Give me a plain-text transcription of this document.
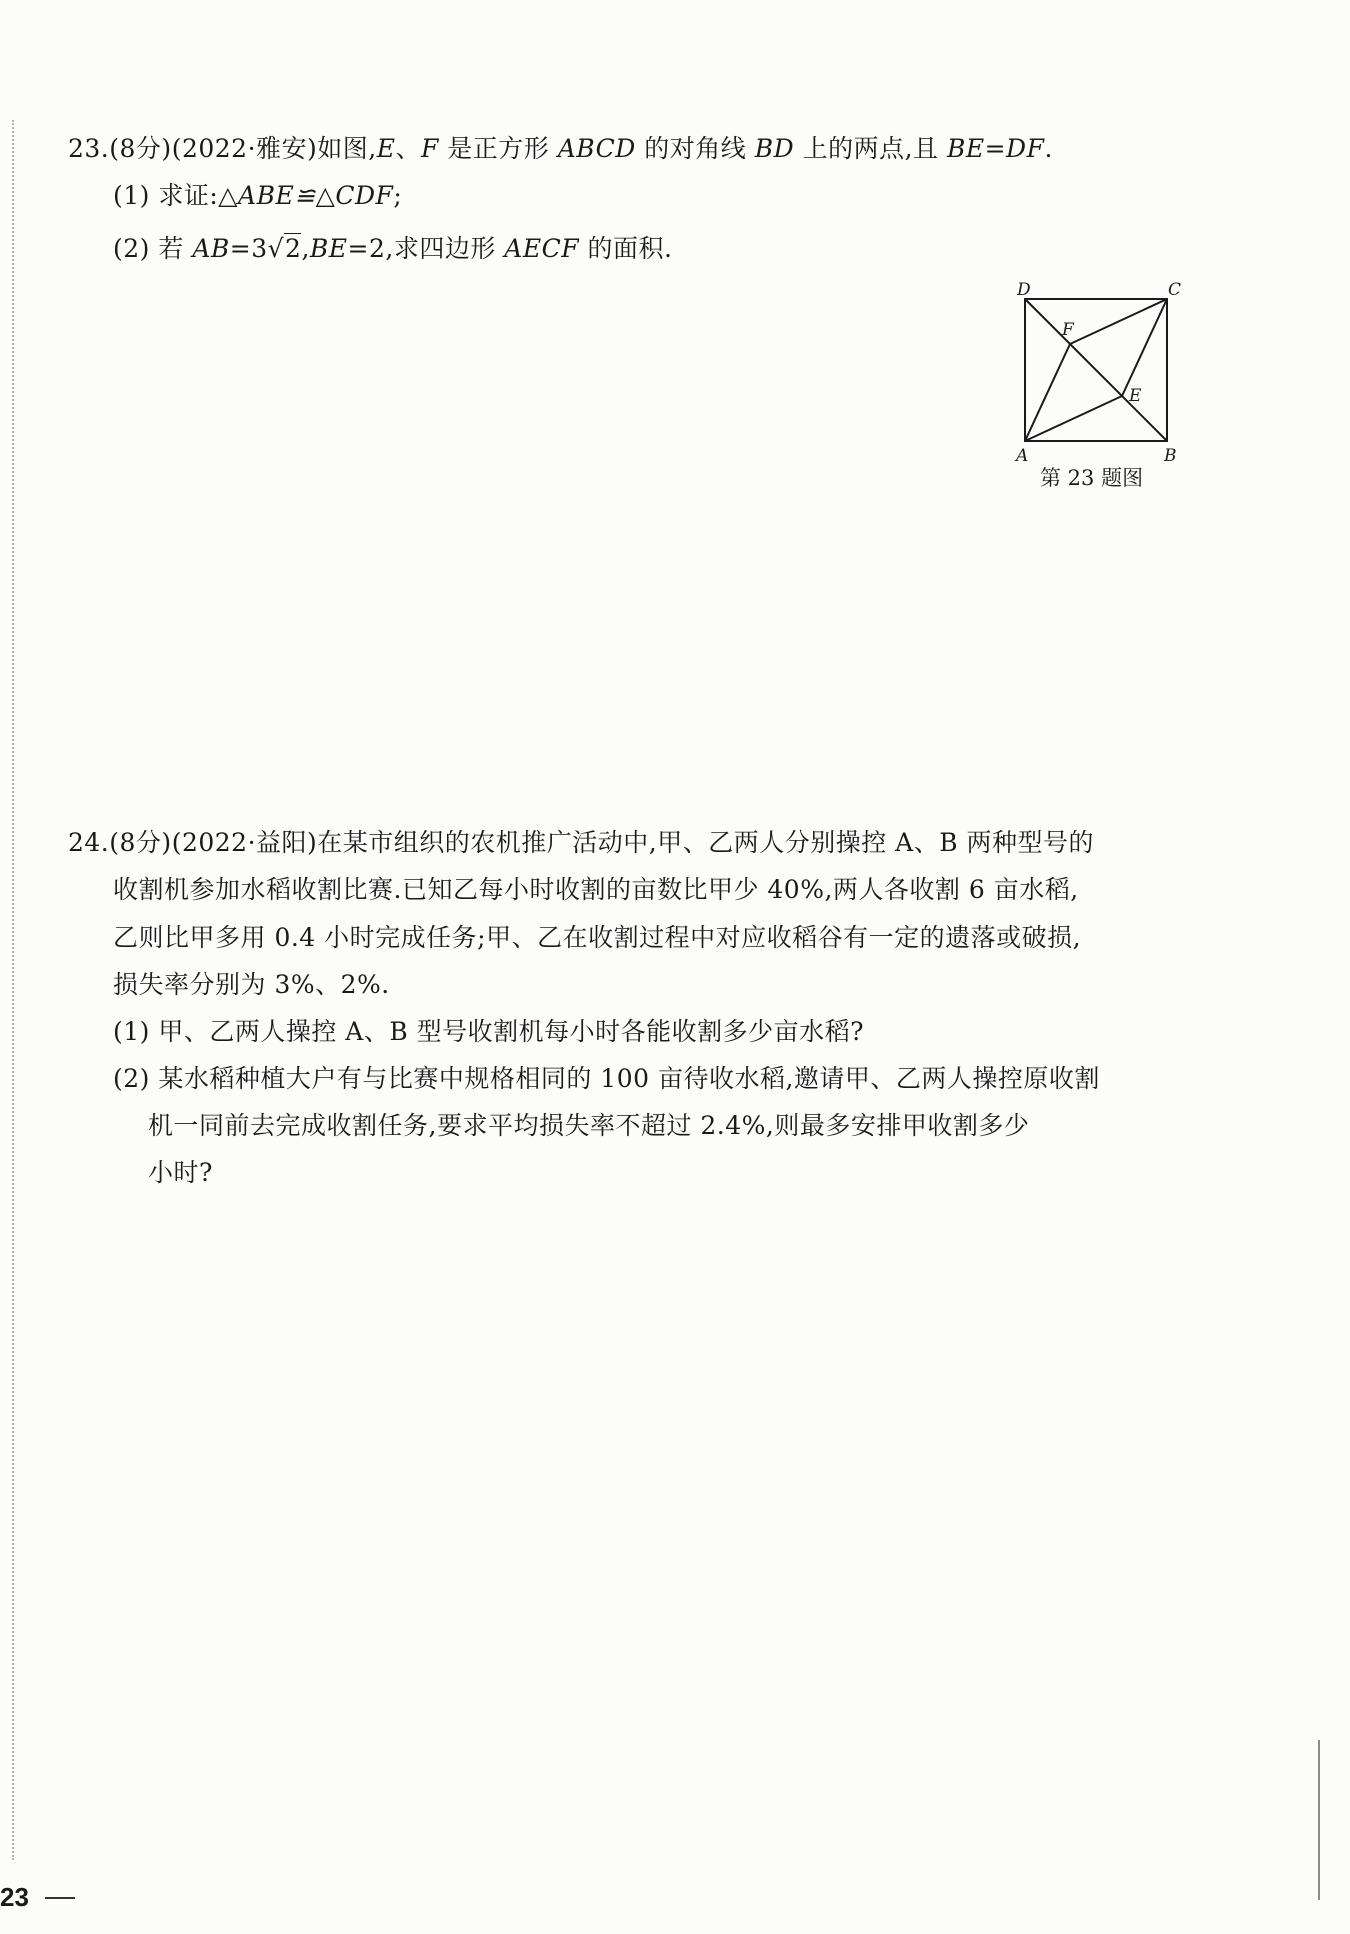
23.(8分)(2022·雅安)如图,E、F 是正方形 ABCD 的对角线 BD 上的两点,且 BE=DF.
(1) 求证:△ABE≌△CDF;
(2) 若 AB=3√2,BE=2,求四边形 AECF 的面积.
D	C
F
E
A	B
第 23 题图
24.(8分)(2022·益阳)在某市组织的农机推广活动中,甲、乙两人分别操控 A、B 两种型号的
收割机参加水稻收割比赛.已知乙每小时收割的亩数比甲少 40%,两人各收割 6 亩水稻,
乙则比甲多用 0.4 小时完成任务;甲、乙在收割过程中对应收稻谷有一定的遗落或破损,
损失率分别为 3%、2%.
(1) 甲、乙两人操控 A、B 型号收割机每小时各能收割多少亩水稻?
(2) 某水稻种植大户有与比赛中规格相同的 100 亩待收水稻,邀请甲、乙两人操控原收割
机一同前去完成收割任务,要求平均损失率不超过 2.4%,则最多安排甲收割多少
小时?
23
